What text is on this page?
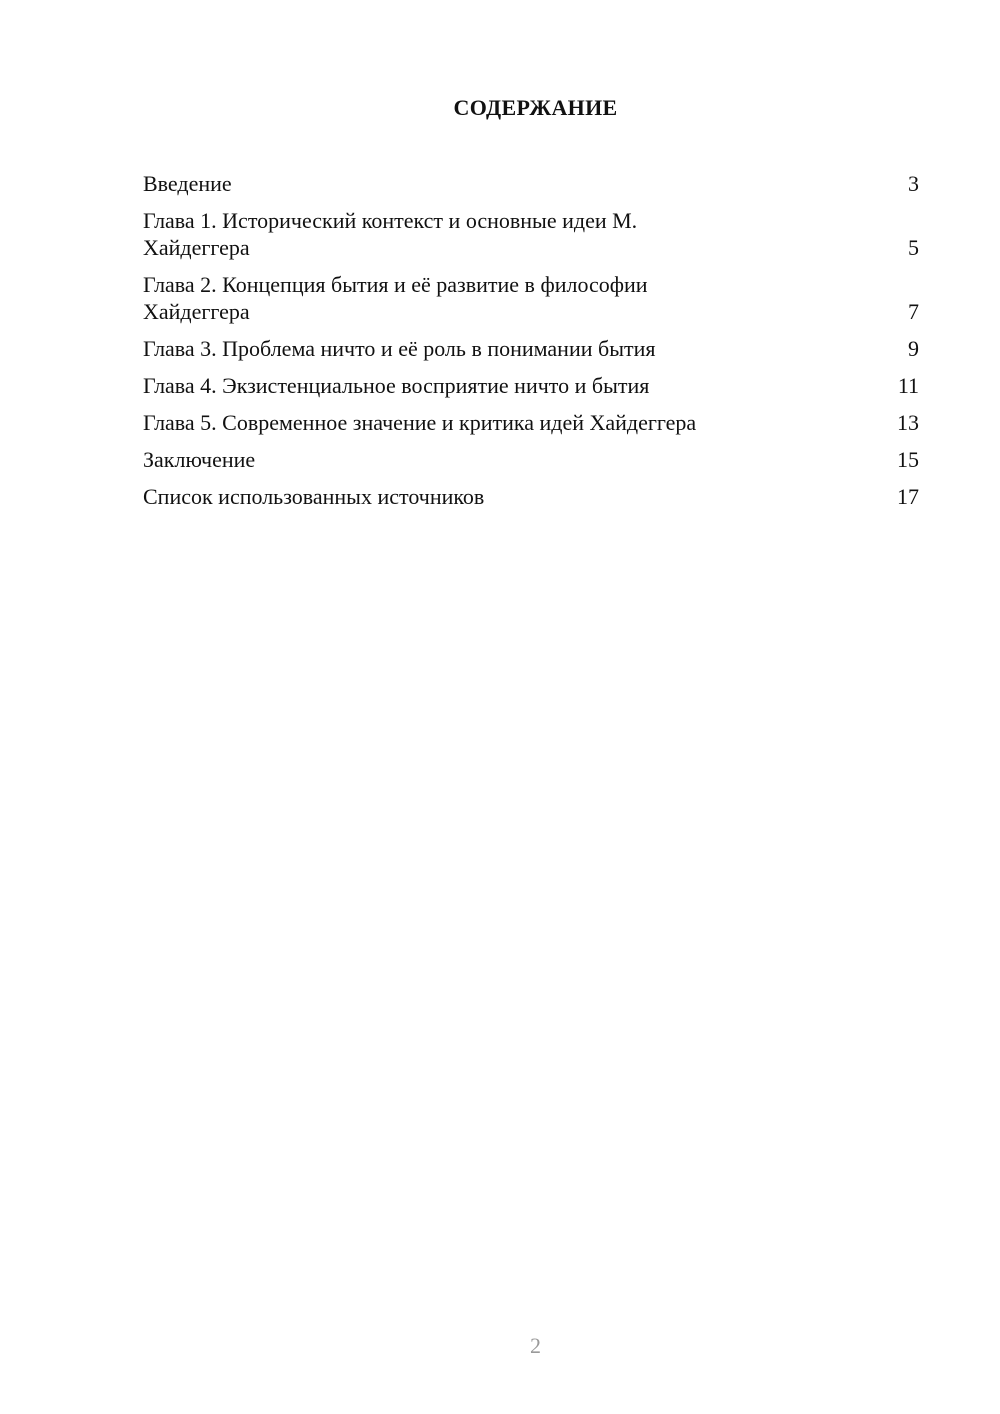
СОДЕРЖАНИЕ
Введение	3
Глава 1. Исторический контекст и основные идеи М. Хайдеггера	5
Глава 2. Концепция бытия и её развитие в философии Хайдеггера	7
Глава 3. Проблема ничто и её роль в понимании бытия	9
Глава 4. Экзистенциальное восприятие ничто и бытия	11
Глава 5. Современное значение и критика идей Хайдеггера	13
Заключение	15
Список использованных источников	17
2
